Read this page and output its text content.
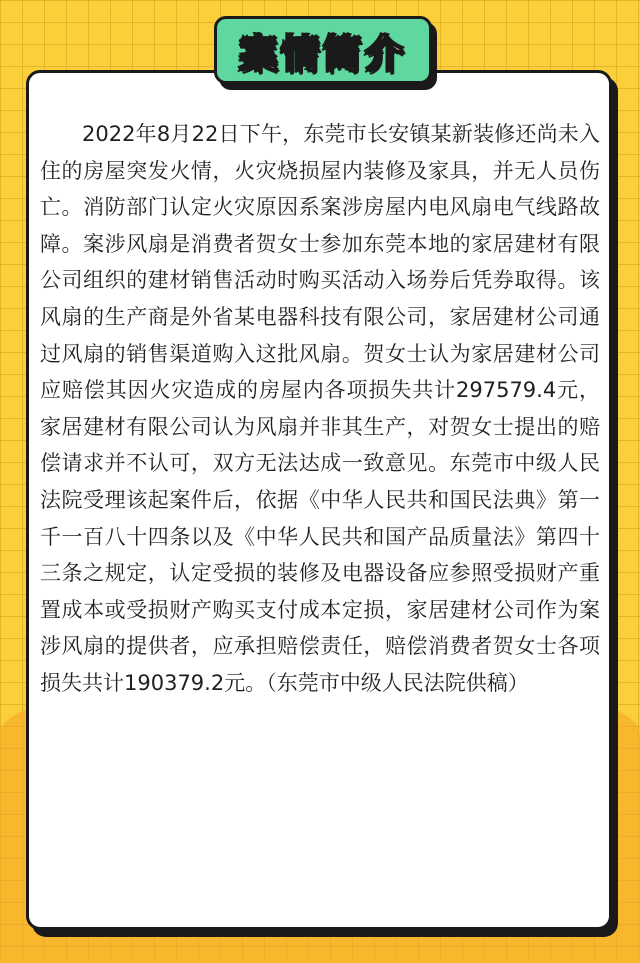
案情简介

2022年8月22日下午，东莞市长安镇某新装修还尚未入住的房屋突发火情，火灾烧损屋内装修及家具，并无人员伤亡。消防部门认定火灾原因系案涉房屋内电风扇电气线路故障。案涉风扇是消费者贺女士参加东莞本地的家居建材有限公司组织的建材销售活动时购买活动入场券后凭券取得。该风扇的生产商是外省某电器科技有限公司，家居建材公司通过风扇的销售渠道购入这批风扇。贺女士认为家居建材公司应赔偿其因火灾造成的房屋内各项损失共计297579.4元，家居建材有限公司认为风扇并非其生产，对贺女士提出的赔偿请求并不认可，双方无法达成一致意见。东莞市中级人民法院受理该起案件后，依据《中华人民共和国民法典》第一千一百八十四条以及《中华人民共和国产品质量法》第四十三条之规定，认定受损的装修及电器设备应参照受损财产重置成本或受损财产购买支付成本定损，家居建材公司作为案涉风扇的提供者，应承担赔偿责任，赔偿消费者贺女士各项损失共计190379.2元。（东莞市中级人民法院供稿）
